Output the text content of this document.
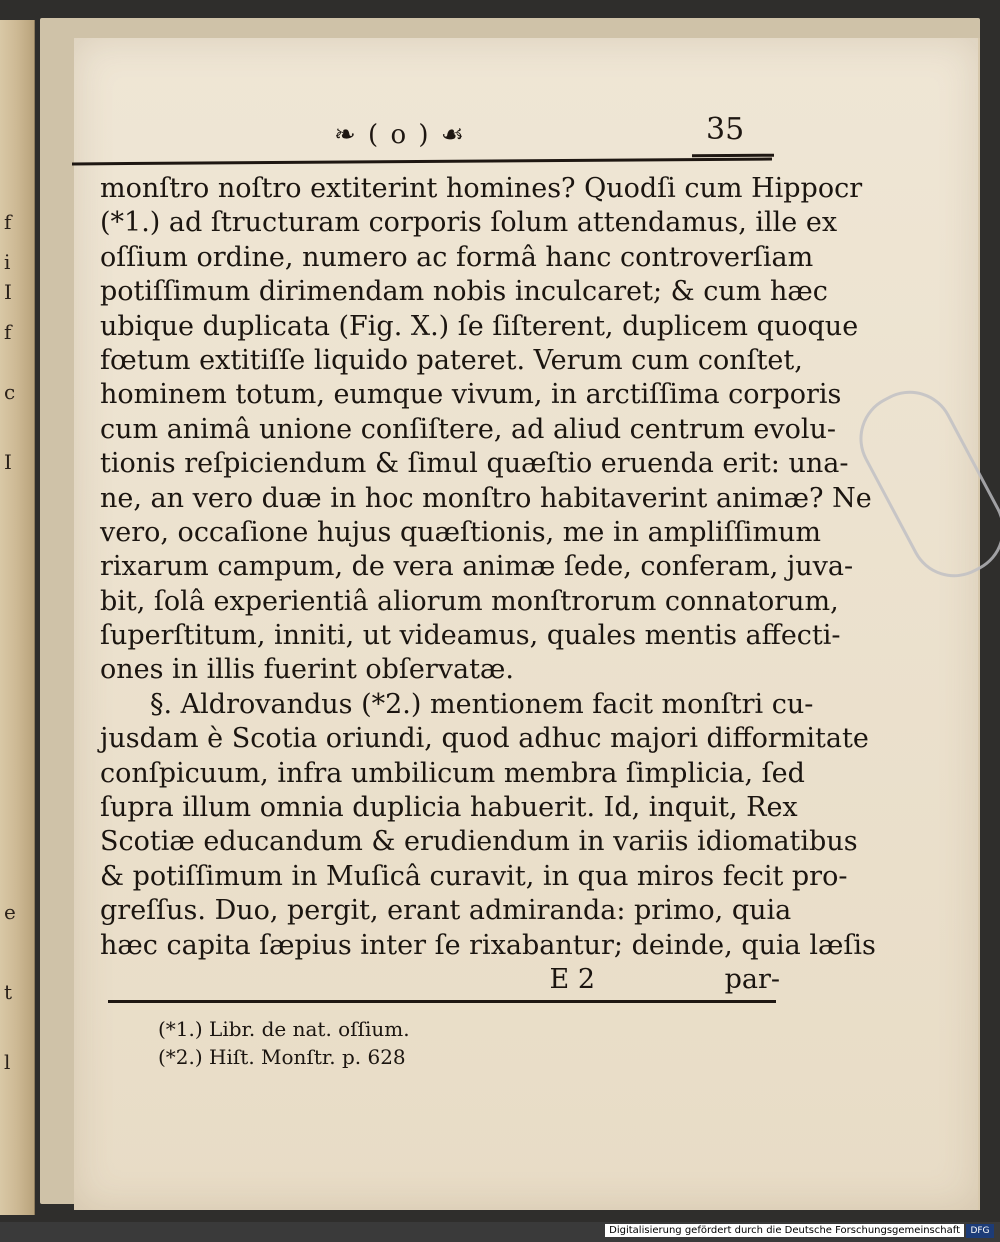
f
i
I
f
c
I
e
t
l
❧ ( o ) ☙	35
monſtro noſtro extiterint homines? Quodſi cum Hippocr
(*1.) ad ſtructuram corporis ſolum attendamus, ille ex
oſſium ordine, numero ac formâ hanc controverſiam
potiſſimum dirimendam nobis inculcaret; & cum hæc
ubique duplicata (Fig. X.) ſe ſiſterent, duplicem quoque
fœtum extitiſſe liquido pateret. Verum cum conſtet,
hominem totum, eumque vivum, in arctiſſima corporis
cum animâ unione conſiſtere, ad aliud centrum evolu-
tionis reſpiciendum & ſimul quæſtio eruenda erit: una-
ne, an vero duæ in hoc monſtro habitaverint animæ? Ne
vero, occaſione hujus quæſtionis, me in ampliſſimum
rixarum campum, de vera animæ ſede, conferam, juva-
bit, ſolâ experientiâ aliorum monſtrorum connatorum,
ſuperſtitum, inniti, ut videamus, quales mentis affecti-
ones in illis fuerint obſervatæ.
§. Aldrovandus (*2.) mentionem facit monſtri cu-
jusdam è Scotia oriundi, quod adhuc majori difformitate
conſpicuum, infra umbilicum membra ſimplicia, ſed
ſupra illum omnia duplicia habuerit. Id, inquit, Rex
Scotiæ educandum & erudiendum in variis idiomatibus
& potiſſimum in Muſicâ curavit, in qua miros fecit pro-
greſſus. Duo, pergit, erant admiranda: primo, quia
hæc capita ſæpius inter ſe rixabantur; deinde, quia læſis
E 2	par-
(*1.) Libr. de nat. oſſium.
(*2.) Hiſt. Monſtr. p. 628
Digitalisierung gefördert durch die Deutsche Forschungsgemeinschaft	DFG
